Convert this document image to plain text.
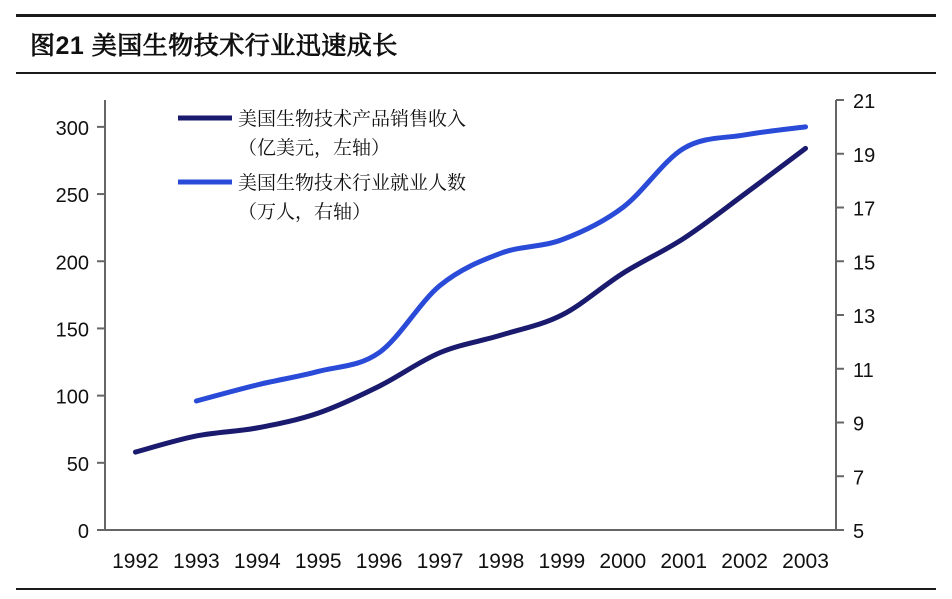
图21 美国生物技术行业迅速成长
0
50
100
150
200
250
300
5
7
9
11
13
15
17
19
21
1992 1993 1994 1995 1996 1997 1998 1999 2000 2001 2002 2003
美国生物技术产品销售收入
（亿美元，左轴）
美国生物技术行业就业人数
（万人，右轴）
